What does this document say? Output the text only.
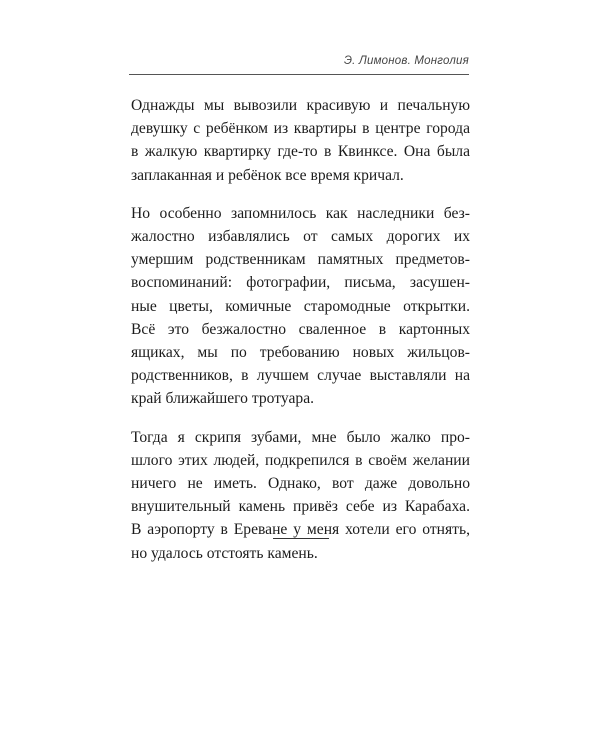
Э. Лимонов. Монголия

Однажды мы вывозили красивую и печальную
девушку с ребёнком из квартиры в центре города
в жалкую квартирку где-то в Квинксе. Она была
заплаканная и ребёнок все время кричал.

Но особенно запомнилось как наследники без-
жалостно избавлялись от самых дорогих их
умершим родственникам памятных предметов-
воспоминаний: фотографии, письма, засушен-
ные цветы, комичные старомодные открытки.
Всё это безжалостно сваленное в картонных
ящиках, мы по требованию новых жильцов-
родственников, в лучшем случае выставляли на
край ближайшего тротуара.

Тогда я скрипя зубами, мне было жалко про-
шлого этих людей, подкрепился в своём желании
ничего не иметь. Однако, вот даже довольно
внушительный камень привёз себе из Карабаха.
В аэропорту в Ереване у меня хотели его отнять,
но удалось отстоять камень.
